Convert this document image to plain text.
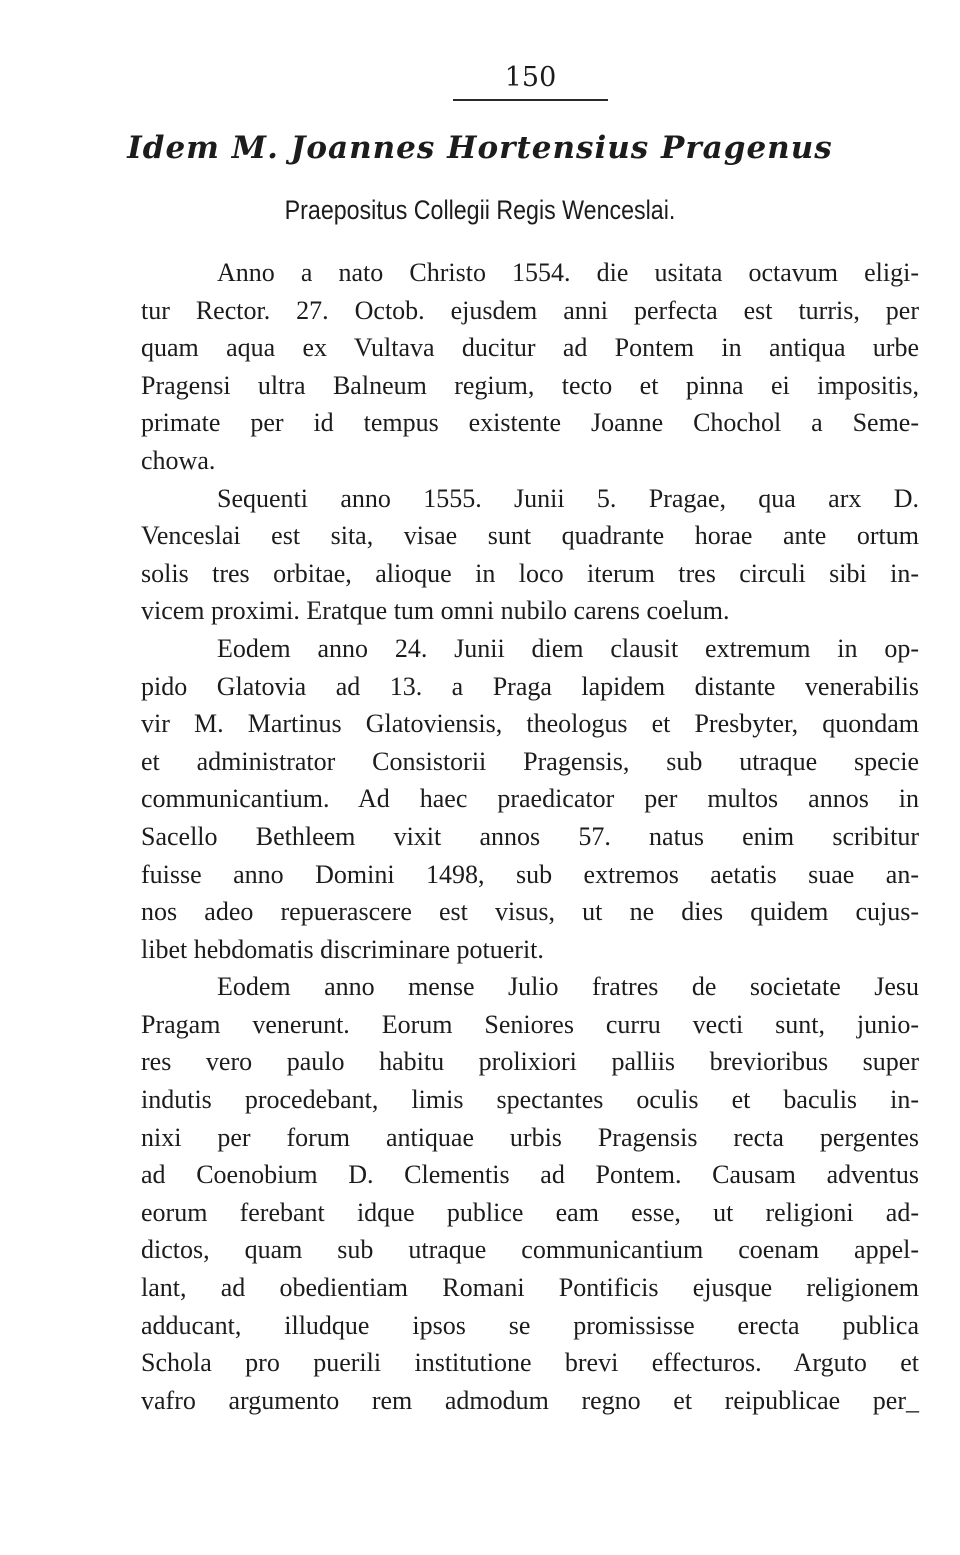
150
Idem M. Joannes Hortensius Pragenus
Praepositus Collegii Regis Wenceslai.
Anno a nato Christo 1554. die usitata octavum eligi-
tur Rector. 27. Octob. ejusdem anni perfecta est turris, per
quam aqua ex Vultava ducitur ad Pontem in antiqua urbe
Pragensi ultra Balneum regium, tecto et pinna ei impositis,
primate per id tempus existente Joanne Chochol a Seme-
chowa.
Sequenti anno 1555. Junii 5. Pragae, qua arx D.
Venceslai est sita, visae sunt quadrante horae ante ortum
solis tres orbitae, alioque in loco iterum tres circuli sibi in-
vicem proximi. Eratque tum omni nubilo carens coelum.
Eodem anno 24. Junii diem clausit extremum in op-
pido Glatovia ad 13. a Praga lapidem distante venerabilis
vir M. Martinus Glatoviensis, theologus et Presbyter, quondam
et administrator Consistorii Pragensis, sub utraque specie
communicantium. Ad haec praedicator per multos annos in
Sacello Bethleem vixit annos 57. natus enim scribitur
fuisse anno Domini 1498, sub extremos aetatis suae an-
nos adeo repuerascere est visus, ut ne dies quidem cujus-
libet hebdomatis discriminare potuerit.
Eodem anno mense Julio fratres de societate Jesu
Pragam venerunt. Eorum Seniores curru vecti sunt, junio-
res vero paulo habitu prolixiori palliis brevioribus super
indutis procedebant, limis spectantes oculis et baculis in-
nixi per forum antiquae urbis Pragensis recta pergentes
ad Coenobium D. Clementis ad Pontem. Causam adventus
eorum ferebant idque publice eam esse, ut religioni ad-
dictos, quam sub utraque communicantium coenam appel-
lant, ad obedientiam Romani Pontificis ejusque religionem
adducant, illudque ipsos se promississe erecta publica
Schola pro puerili institutione brevi effecturos. Arguto et
vafro argumento rem admodum regno et reipublicae per_
